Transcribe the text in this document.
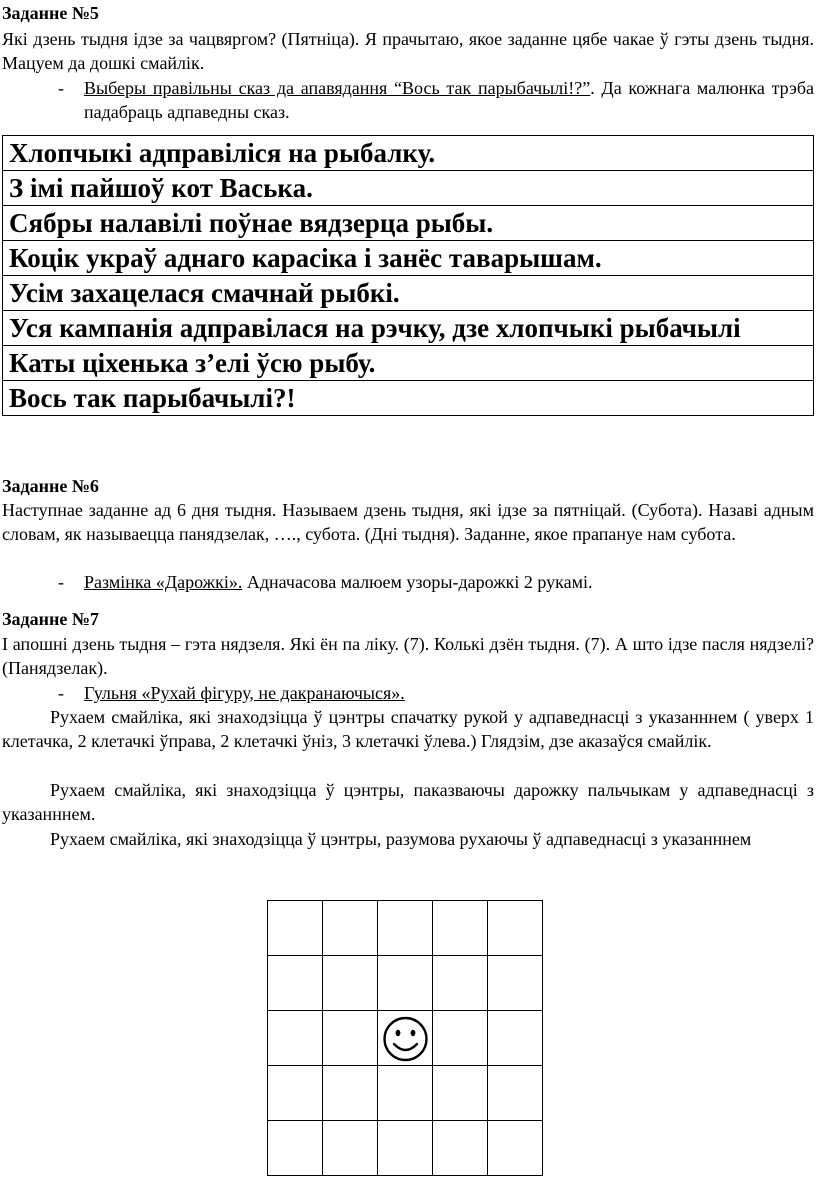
Заданне №5
Які дзень тыдня ідзе за чацвяргом? (Пятніца). Я прачытаю, якое заданне цябе чакае ў гэты дзень тыдня. Мацуем да дошкі смайлік.
-	Выберы правільны сказ да апавядання “Вось так парыбачылі!?”. Да кожнага малюнка трэба падабраць адпаведны сказ.
Хлопчыкі адправіліся на рыбалку.
З імі пайшоў кот Васька.
Сябры налавілі поўнае вядзерца рыбы.
Коцік украў аднаго карасіка і занёс таварышам.
Усім захацелася смачнай рыбкі.
Уся кампанія адправілася на рэчку, дзе хлопчыкі рыбачылі
Каты ціхенька з’елі ўсю рыбу.
Вось так парыбачылі?!
Заданне №6
Наступнае заданне ад 6 дня тыдня. Называем дзень тыдня, які ідзе за пятніцай. (Субота). Назаві адным словам, як называецца панядзелак, …., субота. (Дні тыдня). Заданне, якое прапануе нам субота.
-	Размінка «Дарожкі». Адначасова малюем узоры-дарожкі 2 рукамі.
Заданне №7
І апошні дзень тыдня – гэта нядзеля. Які ён па ліку. (7). Колькі дзён тыдня. (7). А што ідзе пасля нядзелі? (Панядзелак).
-	Гульня «Рухай фігуру, не дакранаючыся».
Рухаем смайліка, які знаходзіцца ў цэнтры спачатку рукой у адпаведнасці з указанннем ( уверх 1 клетачка, 2 клетачкі ўправа, 2 клетачкі ўніз, 3 клетачкі ўлева.) Глядзім, дзе аказаўся смайлік.
Рухаем смайліка, які знаходзіцца ў цэнтры, паказваючы дарожку пальчыкам у адпаведнасці з указанннем.
Рухаем смайліка, які знаходзіцца ў цэнтры, разумова рухаючы ў адпаведнасці з указанннем
